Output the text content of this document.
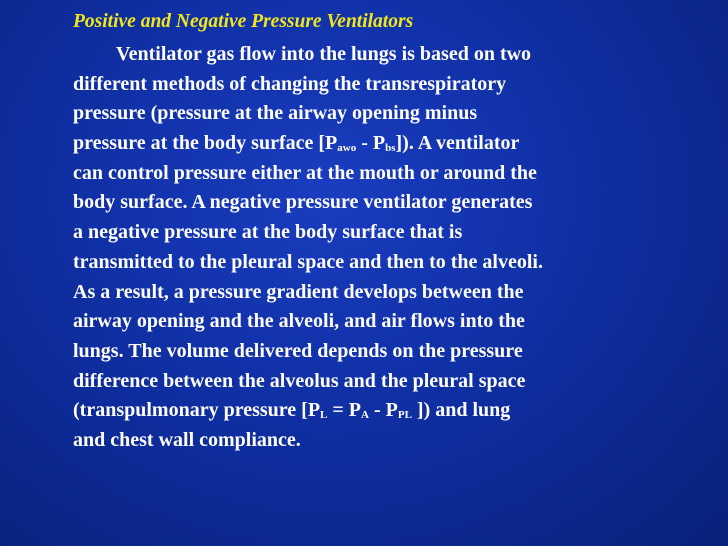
Positive and Negative Pressure Ventilators
Ventilator gas flow into the lungs is based on two
different methods of changing the transrespiratory
pressure (pressure at the airway opening minus
pressure at the body surface $[P_{awo} - P_{bs}]$). A ventilator
can control pressure either at the mouth or around the
body surface. A negative pressure ventilator generates
a negative pressure at the body surface that is
transmitted to the pleural space and then to the alveoli.
As a result, a pressure gradient develops between the
airway opening and the alveoli, and air flows into the
lungs. The volume delivered depends on the pressure
difference between the alveolus and the pleural space
(transpulmonary pressure [$P_L = P_A - P_{PL}$ ]) and lung
and chest wall compliance.
